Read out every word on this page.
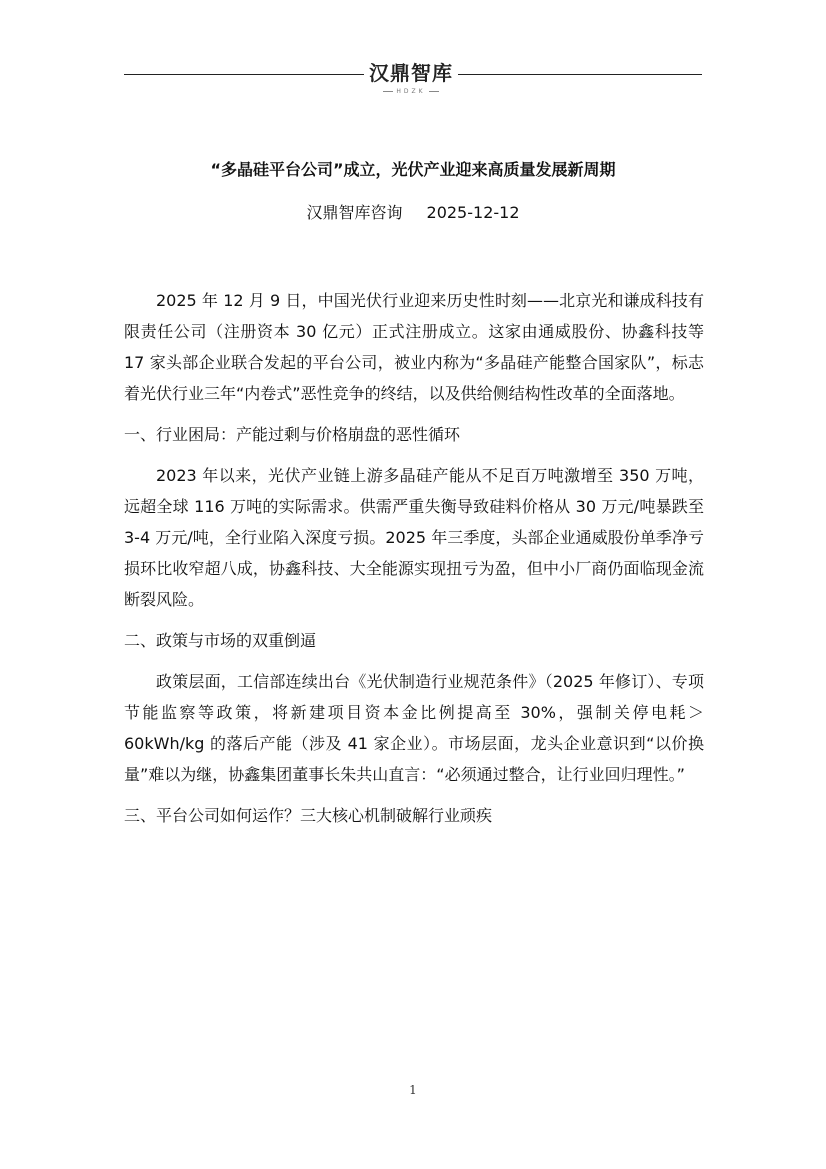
汉鼎智库
HDZK
“多晶硅平台公司”成立，光伏产业迎来高质量发展新周期
汉鼎智库咨询 2025-12-12

2025 年 12 月 9 日，中国光伏行业迎来历史性时刻——北京光和谦成科技有限责任公司（注册资本 30 亿元）正式注册成立。这家由通威股份、协鑫科技等 17 家头部企业联合发起的平台公司，被业内称为“多晶硅产能整合国家队”，标志着光伏行业三年“内卷式”恶性竞争的终结，以及供给侧结构性改革的全面落地。

一、行业困局：产能过剩与价格崩盘的恶性循环

2023 年以来，光伏产业链上游多晶硅产能从不足百万吨激增至 350 万吨，远超全球 116 万吨的实际需求。供需严重失衡导致硅料价格从 30 万元/吨暴跌至 3-4 万元/吨，全行业陷入深度亏损。2025 年三季度，头部企业通威股份单季净亏损环比收窄超八成，协鑫科技、大全能源实现扭亏为盈，但中小厂商仍面临现金流断裂风险。

二、政策与市场的双重倒逼

政策层面，工信部连续出台《光伏制造行业规范条件》（2025 年修订）、专项节能监察等政策，将新建项目资本金比例提高至 30%，强制关停电耗＞60kWh/kg 的落后产能（涉及 41 家企业）。市场层面，龙头企业意识到“以价换量”难以为继，协鑫集团董事长朱共山直言：“必须通过整合，让行业回归理性。”

三、平台公司如何运作？三大核心机制破解行业顽疾
1
